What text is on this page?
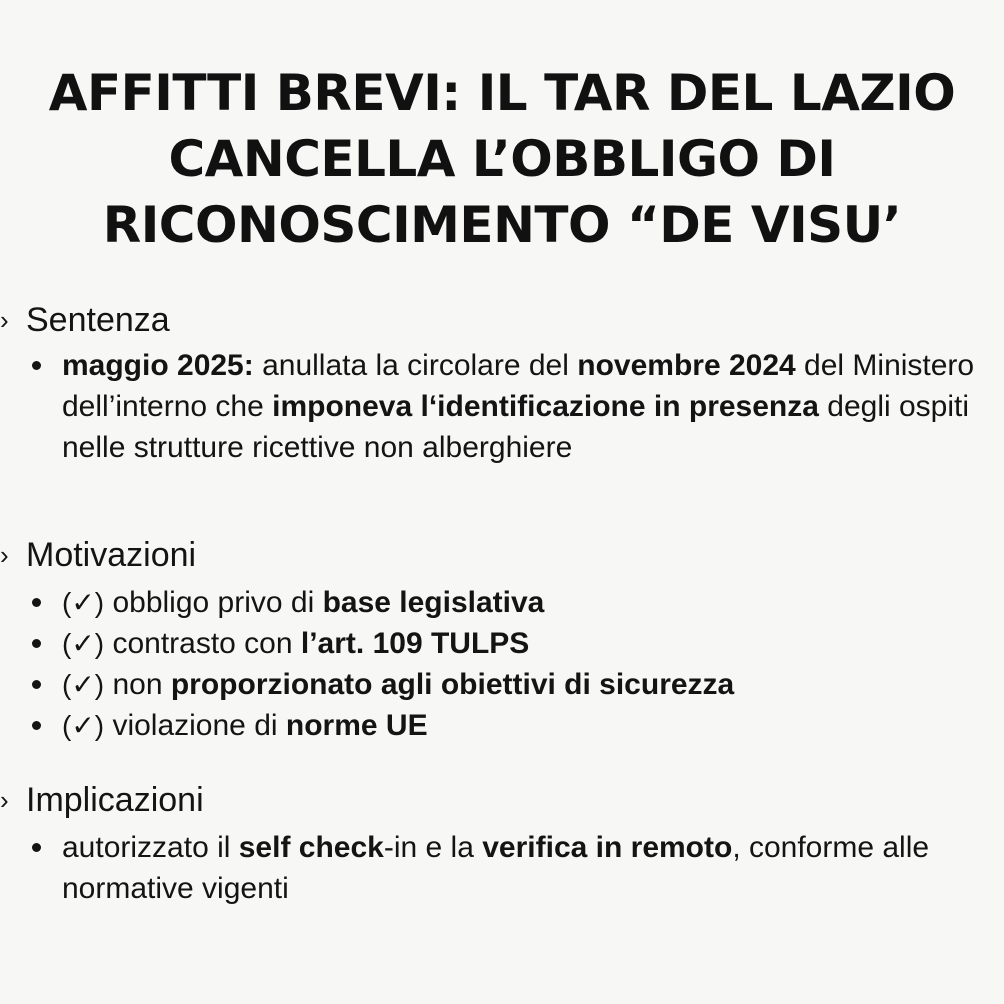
AFFITTI BREVI: IL TAR DEL LAZIO
CANCELLA L’OBBLIGO DI
RICONOSCIMENTO “DE VISU’
› Sentenza
maggio 2025: anullata la circolare del novembre 2024 del Ministero dell’interno che imponeva l‘identificazione in presenza degli ospiti nelle strutture ricettive non alberghiere
› Motivazioni
(✓) obbligo privo di base legislativa
(✓) contrasto con l’art. 109 TULPS
(✓) non proporzionato agli obiettivi di sicurezza
(✓) violazione di norme UE
› Implicazioni
autorizzato il self check-in e la verifica in remoto, conforme alle normative vigenti
